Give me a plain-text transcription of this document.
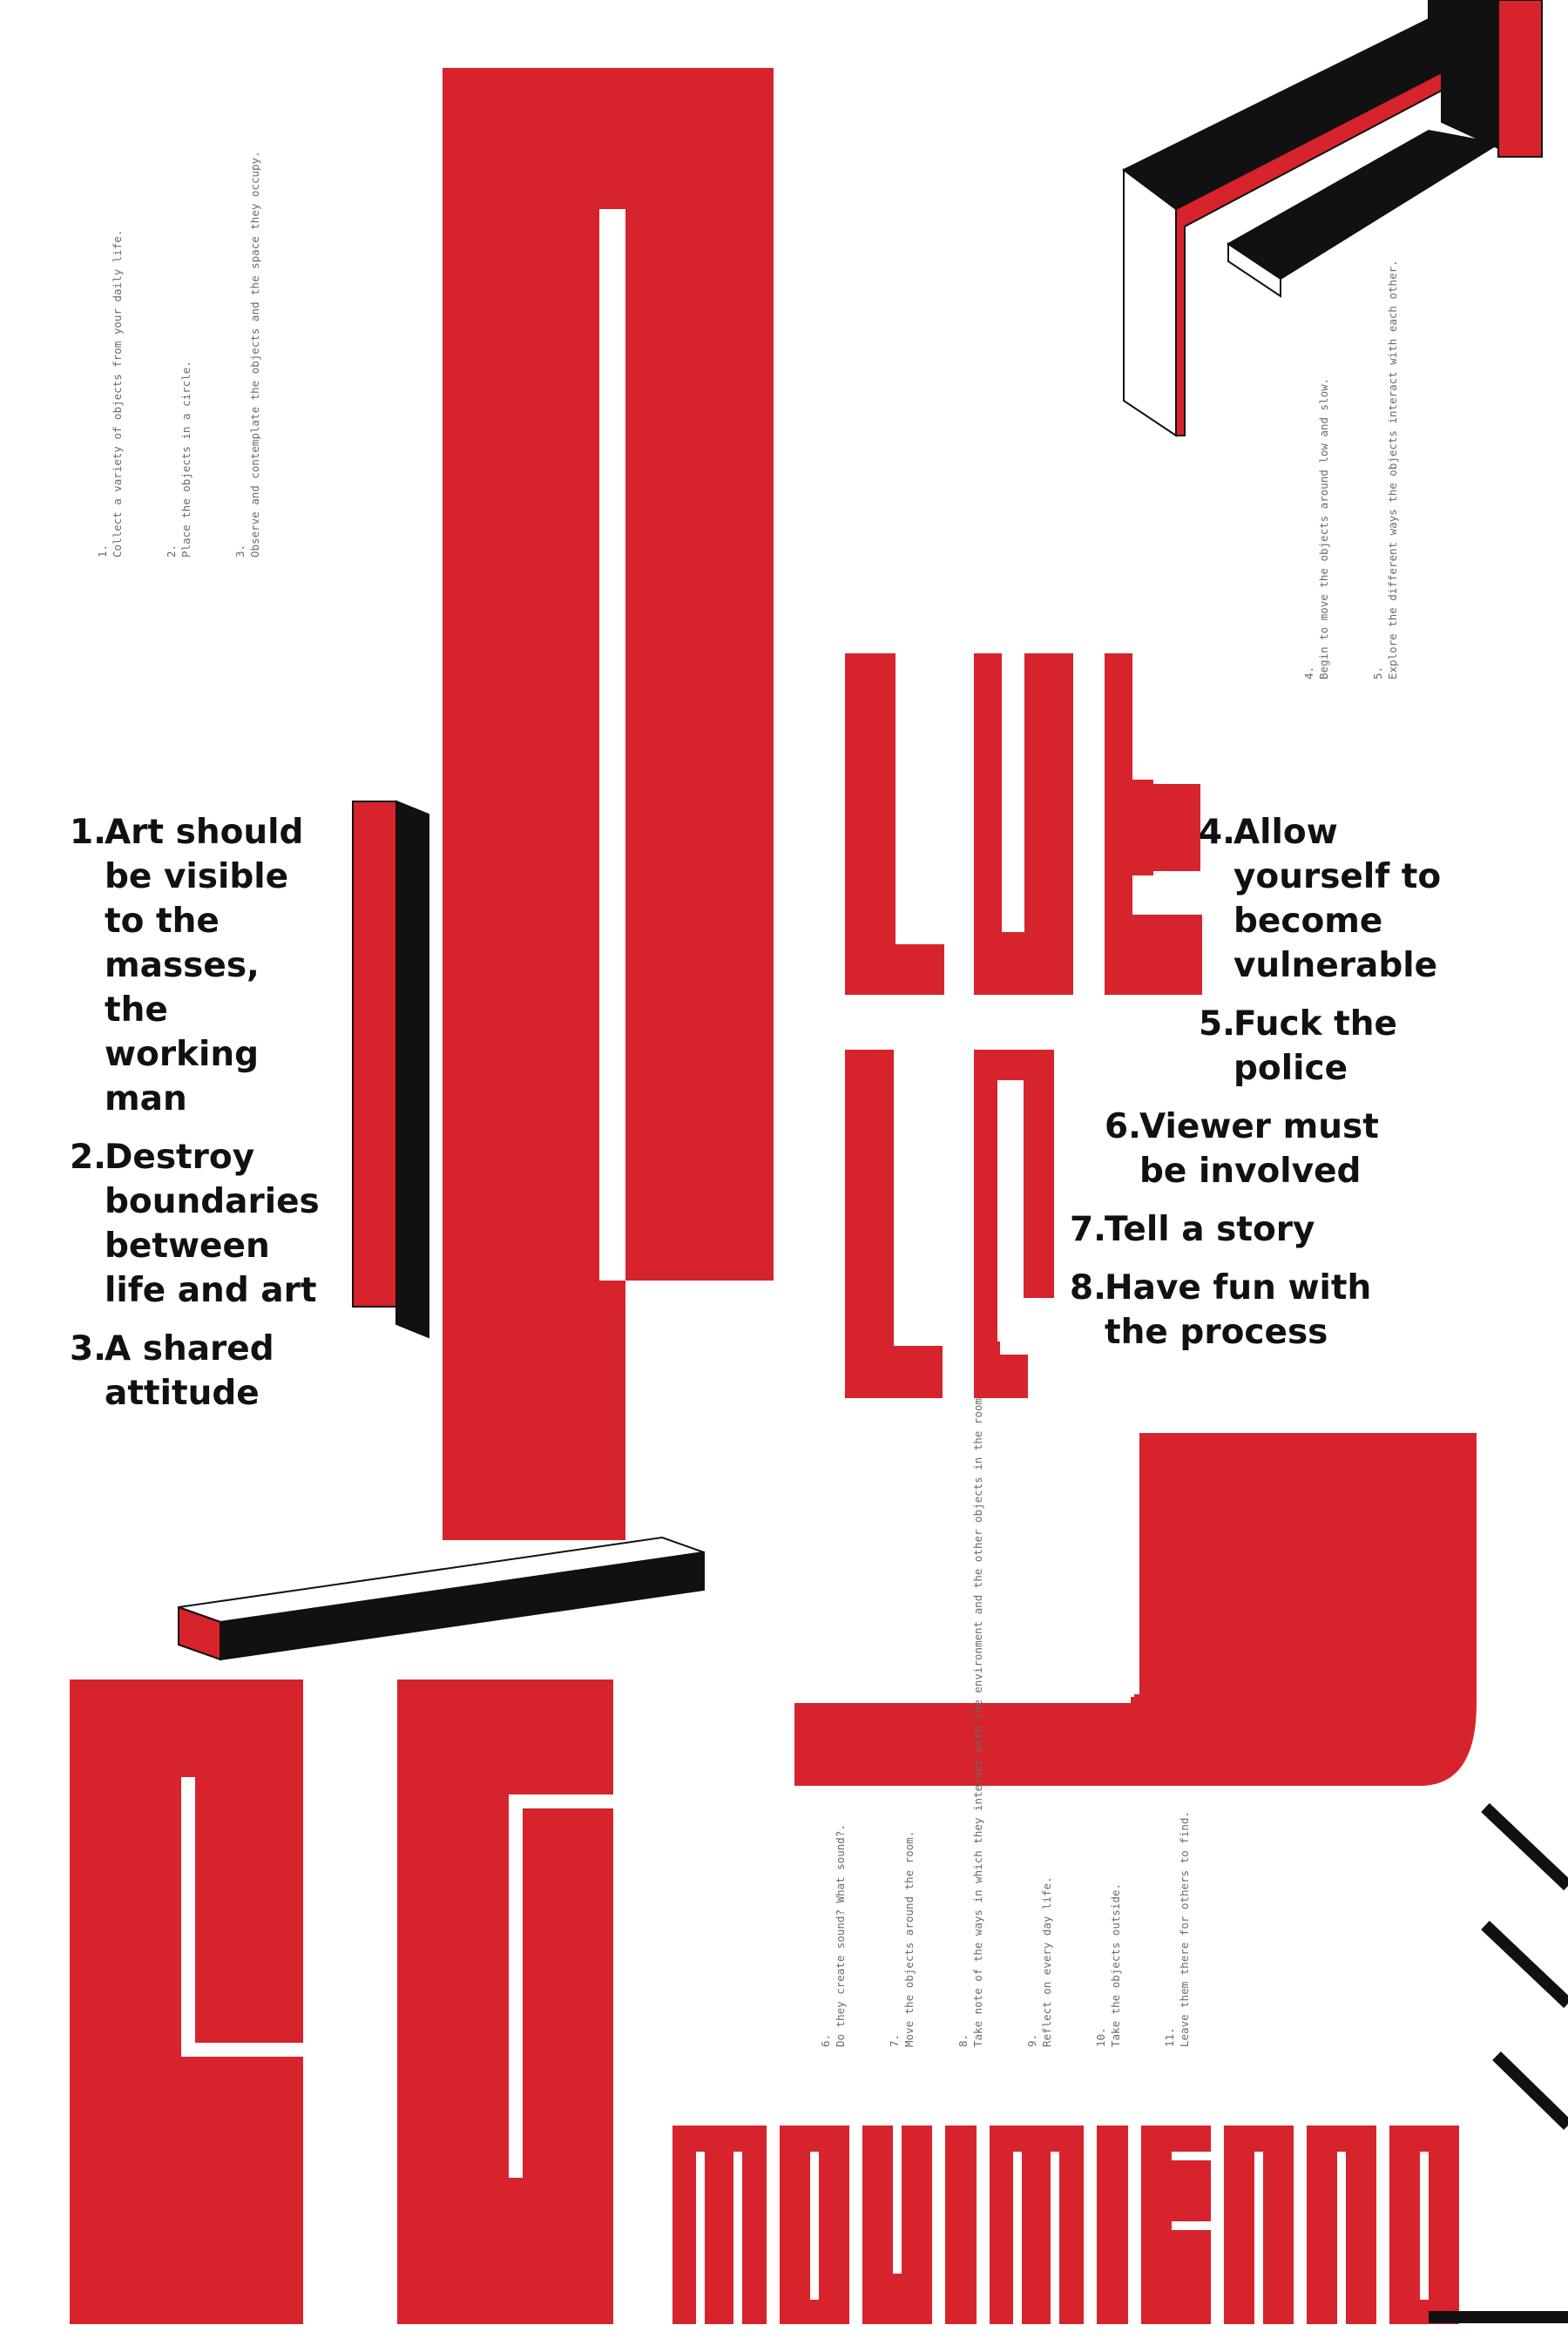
1.
Art should be visible to the masses, the working man
2.
Destroy boundaries between life and art
3.
A shared attitude
4.
Allow yourself to become vulnerable
5.
Fuck the police
6.
Viewer must be involved
7.
Tell a story
8.
Have fun with the process

1. Collect a variety of objects from your daily life.

	2. Place the objects in a circle.

	3. Observe and contemplate the objects and the space they occupy.

4. Begin to move the objects around low and slow.

	5. Explore the different ways the objects interact with each other.

6. Do they create sound? What sound?.

	7. Move the objects around the room.

	8. Take note of the ways in which they interact with the environment and the other objects in the room.

	9. Reflect on every day life.

	10. Take the objects outside.

	11. Leave them there for others to find.
